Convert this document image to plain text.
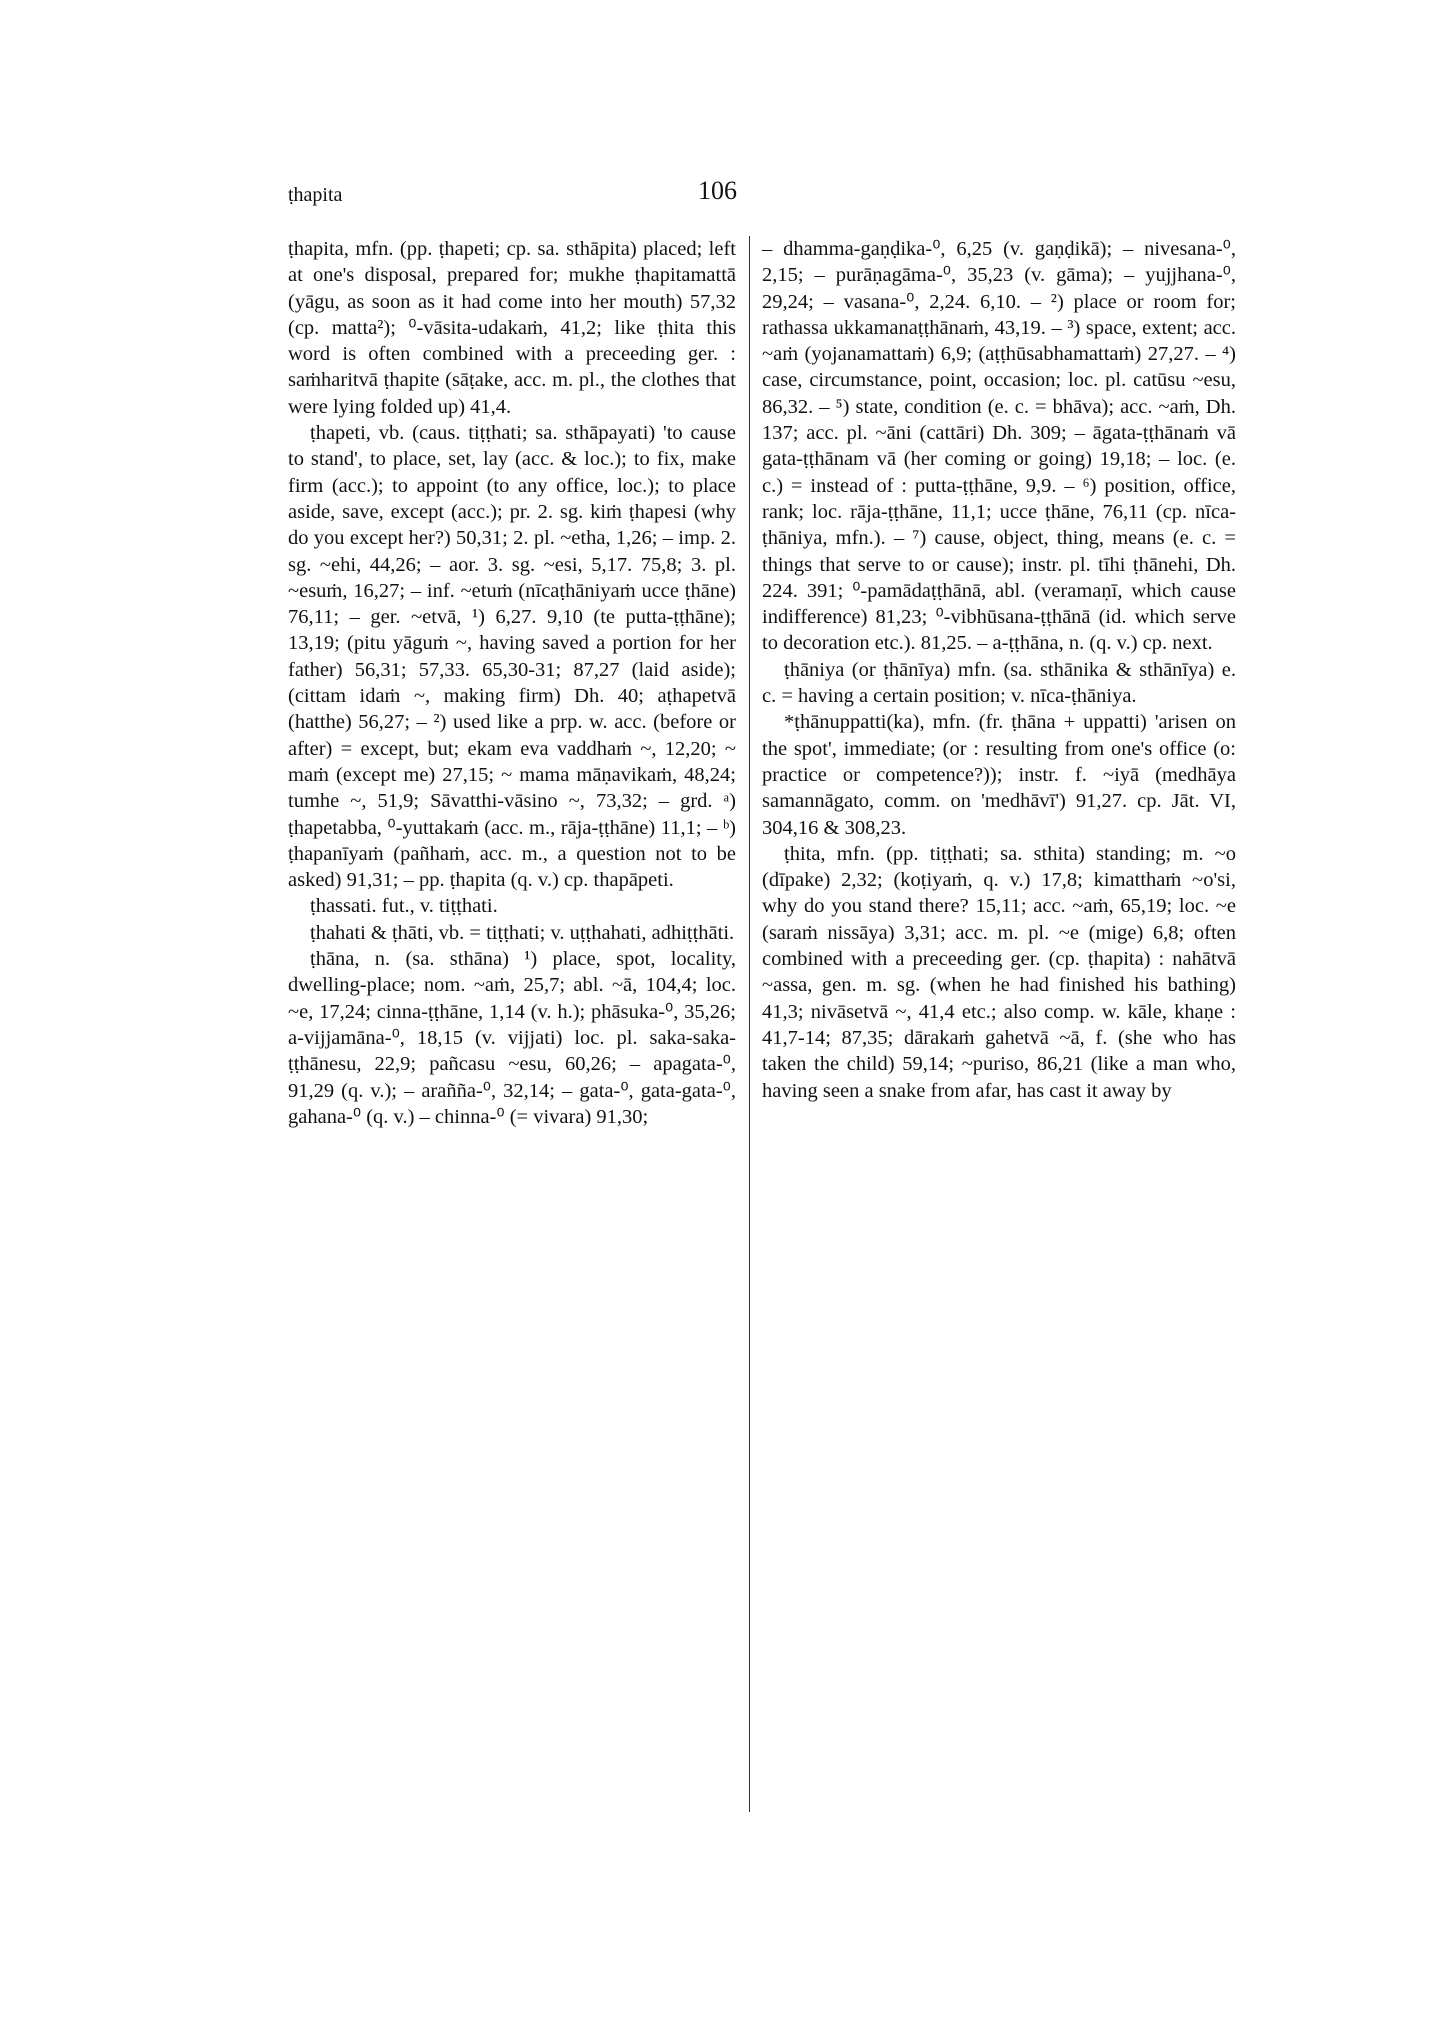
ṭhapita	106

ṭhapita, mfn. (pp. ṭhapeti; cp. sa. sthāpita) placed; left at one's disposal, prepared for; mukhe ṭhapitamattā (yāgu, as soon as it had come into her mouth) 57,32 (cp. matta²); ⁰-vāsita-udakaṁ, 41,2; like ṭhita this word is often combined with a preceeding ger. : saṁharitvā ṭhapite (sāṭake, acc. m. pl., the clothes that were lying folded up) 41,4.

ṭhapeti, vb. (caus. tiṭṭhati; sa. sthāpayati) 'to cause to stand', to place, set, lay (acc. & loc.); to fix, make firm (acc.); to appoint (to any office, loc.); to place aside, save, except (acc.); pr. 2. sg. kiṁ ṭhapesi (why do you except her?) 50,31; 2. pl. ~etha, 1,26; – imp. 2. sg. ~ehi, 44,26; – aor. 3. sg. ~esi, 5,17. 75,8; 3. pl. ~esuṁ, 16,27; – inf. ~etuṁ (nīcaṭhāniyaṁ ucce ṭhāne) 76,11; – ger. ~etvā, ¹) 6,27. 9,10 (te putta-ṭṭhāne); 13,19; (pitu yāguṁ ~, having saved a portion for her father) 56,31; 57,33. 65,30-31; 87,27 (laid aside); (cittam idaṁ ~, making firm) Dh. 40; aṭhapetvā (hatthe) 56,27; – ²) used like a prp. w. acc. (before or after) = except, but; ekam eva vaddhaṁ ~, 12,20; ~ maṁ (except me) 27,15; ~ mama māṇavikaṁ, 48,24; tumhe ~, 51,9; Sāvatthi-vāsino ~, 73,32; – grd. ᵃ) ṭhapetabba, ⁰-yuttakaṁ (acc. m., rāja-ṭṭhāne) 11,1; – ᵇ) ṭhapanīyaṁ (pañhaṁ, acc. m., a question not to be asked) 91,31; – pp. ṭhapita (q. v.) cp. thapāpeti.

ṭhassati. fut., v. tiṭṭhati.

ṭhahati & ṭhāti, vb. = tiṭṭhati; v. uṭṭhahati, adhiṭṭhāti.

ṭhāna, n. (sa. sthāna) ¹) place, spot, locality, dwelling-place; nom. ~aṁ, 25,7; abl. ~ā, 104,4; loc. ~e, 17,24; cinna-ṭṭhāne, 1,14 (v. h.); phāsuka-⁰, 35,26; a-vijjamāna-⁰, 18,15 (v. vijjati) loc. pl. saka-saka-ṭṭhānesu, 22,9; pañcasu ~esu, 60,26; – apagata-⁰, 91,29 (q. v.); – arañña-⁰, 32,14; – gata-⁰, gata-gata-⁰, gahana-⁰ (q. v.) – chinna-⁰ (= vivara) 91,30;

– dhamma-gaṇḍika-⁰, 6,25 (v. gaṇḍikā); – nivesana-⁰, 2,15; – purāṇagāma-⁰, 35,23 (v. gāma); – yujjhana-⁰, 29,24; – vasana-⁰, 2,24. 6,10. – ²) place or room for; rathassa ukkamanaṭṭhānaṁ, 43,19. – ³) space, extent; acc. ~aṁ (yojanamattaṁ) 6,9; (aṭṭhūsabhamattaṁ) 27,27. – ⁴) case, circumstance, point, occasion; loc. pl. catūsu ~esu, 86,32. – ⁵) state, condition (e. c. = bhāva); acc. ~aṁ, Dh. 137; acc. pl. ~āni (cattāri) Dh. 309; – āgata-ṭṭhānaṁ vā gata-ṭṭhānam vā (her coming or going) 19,18; – loc. (e. c.) = instead of : putta-ṭṭhāne, 9,9. – ⁶) position, office, rank; loc. rāja-ṭṭhāne, 11,1; ucce ṭhāne, 76,11 (cp. nīca-ṭhāniya, mfn.). – ⁷) cause, object, thing, means (e. c. = things that serve to or cause); instr. pl. tīhi ṭhānehi, Dh. 224. 391; ⁰-pamādaṭṭhānā, abl. (veramaṇī, which cause indifference) 81,23; ⁰-vibhūsana-ṭṭhānā (id. which serve to decoration etc.). 81,25. – a-ṭṭhāna, n. (q. v.) cp. next.

ṭhāniya (or ṭhānīya) mfn. (sa. sthānika & sthānīya) e. c. = having a certain position; v. nīca-ṭhāniya.

*ṭhānuppatti(ka), mfn. (fr. ṭhāna + uppatti) 'arisen on the spot', immediate; (or : resulting from one's office (o: practice or competence?)); instr. f. ~iyā (medhāya samannāgato, comm. on 'medhāvī') 91,27. cp. Jāt. VI, 304,16 & 308,23.

ṭhita, mfn. (pp. tiṭṭhati; sa. sthita) standing; m. ~o (dīpake) 2,32; (koṭiyaṁ, q. v.) 17,8; kimatthaṁ ~o'si, why do you stand there? 15,11; acc. ~aṁ, 65,19; loc. ~e (saraṁ nissāya) 3,31; acc. m. pl. ~e (mige) 6,8; often combined with a preceeding ger. (cp. ṭhapita) : nahātvā ~assa, gen. m. sg. (when he had finished his bathing) 41,3; nivāsetvā ~, 41,4 etc.; also comp. w. kāle, khaṇe : 41,7-14; 87,35; dārakaṁ gahetvā ~ā, f. (she who has taken the child) 59,14; ~puriso, 86,21 (like a man who, having seen a snake from afar, has cast it away by
